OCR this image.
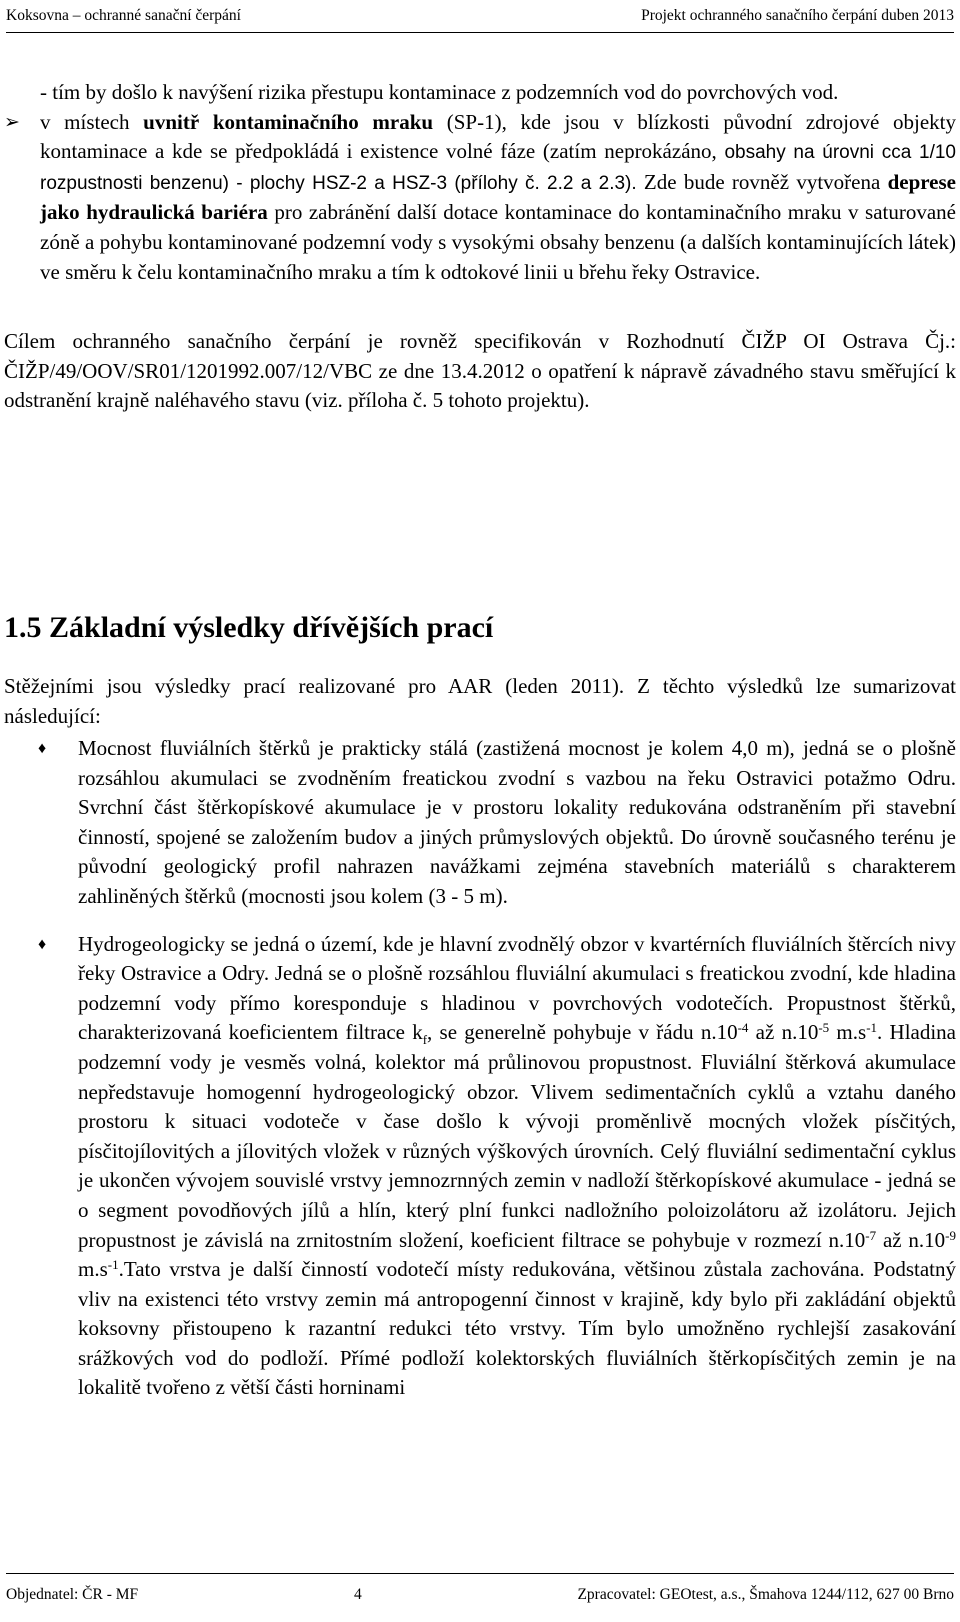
Koksovna – ochranné sanační čerpání	Projekt ochranného sanačního čerpání duben 2013

- tím by došlo k navýšení rizika přestupu kontaminace z podzemních vod do povrchových vod.

➢ v místech uvnitř kontaminačního mraku (SP-1), kde jsou v blízkosti původní zdrojové objekty kontaminace a kde se předpokládá i existence volné fáze (zatím neprokázáno, obsahy na úrovni cca 1/10 rozpustnosti benzenu) - plochy HSZ-2 a HSZ-3 (přílohy č. 2.2 a 2.3). Zde bude rovněž vytvořena deprese jako hydraulická bariéra pro zabránění další dotace kontaminace do kontaminačního mraku v saturované zóně a pohybu kontaminované podzemní vody s vysokými obsahy benzenu (a dalších kontaminujících látek) ve směru k čelu kontaminačního mraku a tím k odtokové linii u břehu řeky Ostravice.

Cílem ochranného sanačního čerpání je rovněž specifikován v Rozhodnutí ČIŽP OI Ostrava Čj.: ČIŽP/49/OOV/SR01/1201992.007/12/VBC ze dne 13.4.2012 o opatření k nápravě závadného stavu směřující k odstranění krajně naléhavého stavu (viz. příloha č. 5 tohoto projektu).

1.5 Základní výsledky dřívějších prací

Stěžejními jsou výsledky prací realizované pro AAR (leden 2011). Z těchto výsledků lze sumarizovat následující:

♦ Mocnost fluviálních štěrků je prakticky stálá (zastižená mocnost je kolem 4,0 m), jedná se o plošně rozsáhlou akumulaci se zvodněním freatickou zvodní s vazbou na řeku Ostravici potažmo Odru. Svrchní část štěrkopískové akumulace je v prostoru lokality redukována odstraněním při stavební činností, spojené se založením budov a jiných průmyslových objektů. Do úrovně současného terénu je původní geologický profil nahrazen navážkami zejména stavebních materiálů s charakterem zahliněných štěrků (mocnosti jsou kolem (3 - 5 m).

♦ Hydrogeologicky se jedná o území, kde je hlavní zvodnělý obzor v kvartérních fluviálních štěrcích nivy řeky Ostravice a Odry. Jedná se o plošně rozsáhlou fluviální akumulaci s freatickou zvodní, kde hladina podzemní vody přímo koresponduje s hladinou v povrchových vodotečích. Propustnost štěrků, charakterizovaná koeficientem filtrace $k_f$, se generelně pohybuje v řádu $n.10^{-4}$ až $n.10^{-5}$ $m.s^{-1}$. Hladina podzemní vody je vesměs volná, kolektor má průlinovou propustnost. Fluviální štěrková akumulace nepředstavuje homogenní hydrogeologický obzor. Vlivem sedimentačních cyklů a vztahu daného prostoru k situaci vodoteče v čase došlo k vývoji proměnlivě mocných vložek písčitých, písčitojílovitých a jílovitých vložek v různých výškových úrovních. Celý fluviální sedimentační cyklus je ukončen vývojem souvislé vrstvy jemnozrnných zemin v nadloží štěrkopískové akumulace - jedná se o segment povodňových jílů a hlín, který plní funkci nadložního poloizolátoru až izolátoru. Jejich propustnost je závislá na zrnitostním složení, koeficient filtrace se pohybuje v rozmezí $n.10^{-7}$ až $n.10^{-9}$ $m.s^{-1}.Tato$ vrstva je další činností vodotečí místy redukována, většinou zůstala zachována. Podstatný vliv na existenci této vrstvy zemin má antropogenní činnost v krajině, kdy bylo při zakládání objektů koksovny přistoupeno k razantní redukci této vrstvy. Tím bylo umožněno rychlejší zasakování srážkových vod do podloží. Přímé podloží kolektorských fluviálních štěrkopísčitých zemin je na lokalitě tvořeno z větší části horninami

Objednatel: ČR - MF	4	Zpracovatel: GEOtest, a.s., Šmahova 1244/112, 627 00 Brno
